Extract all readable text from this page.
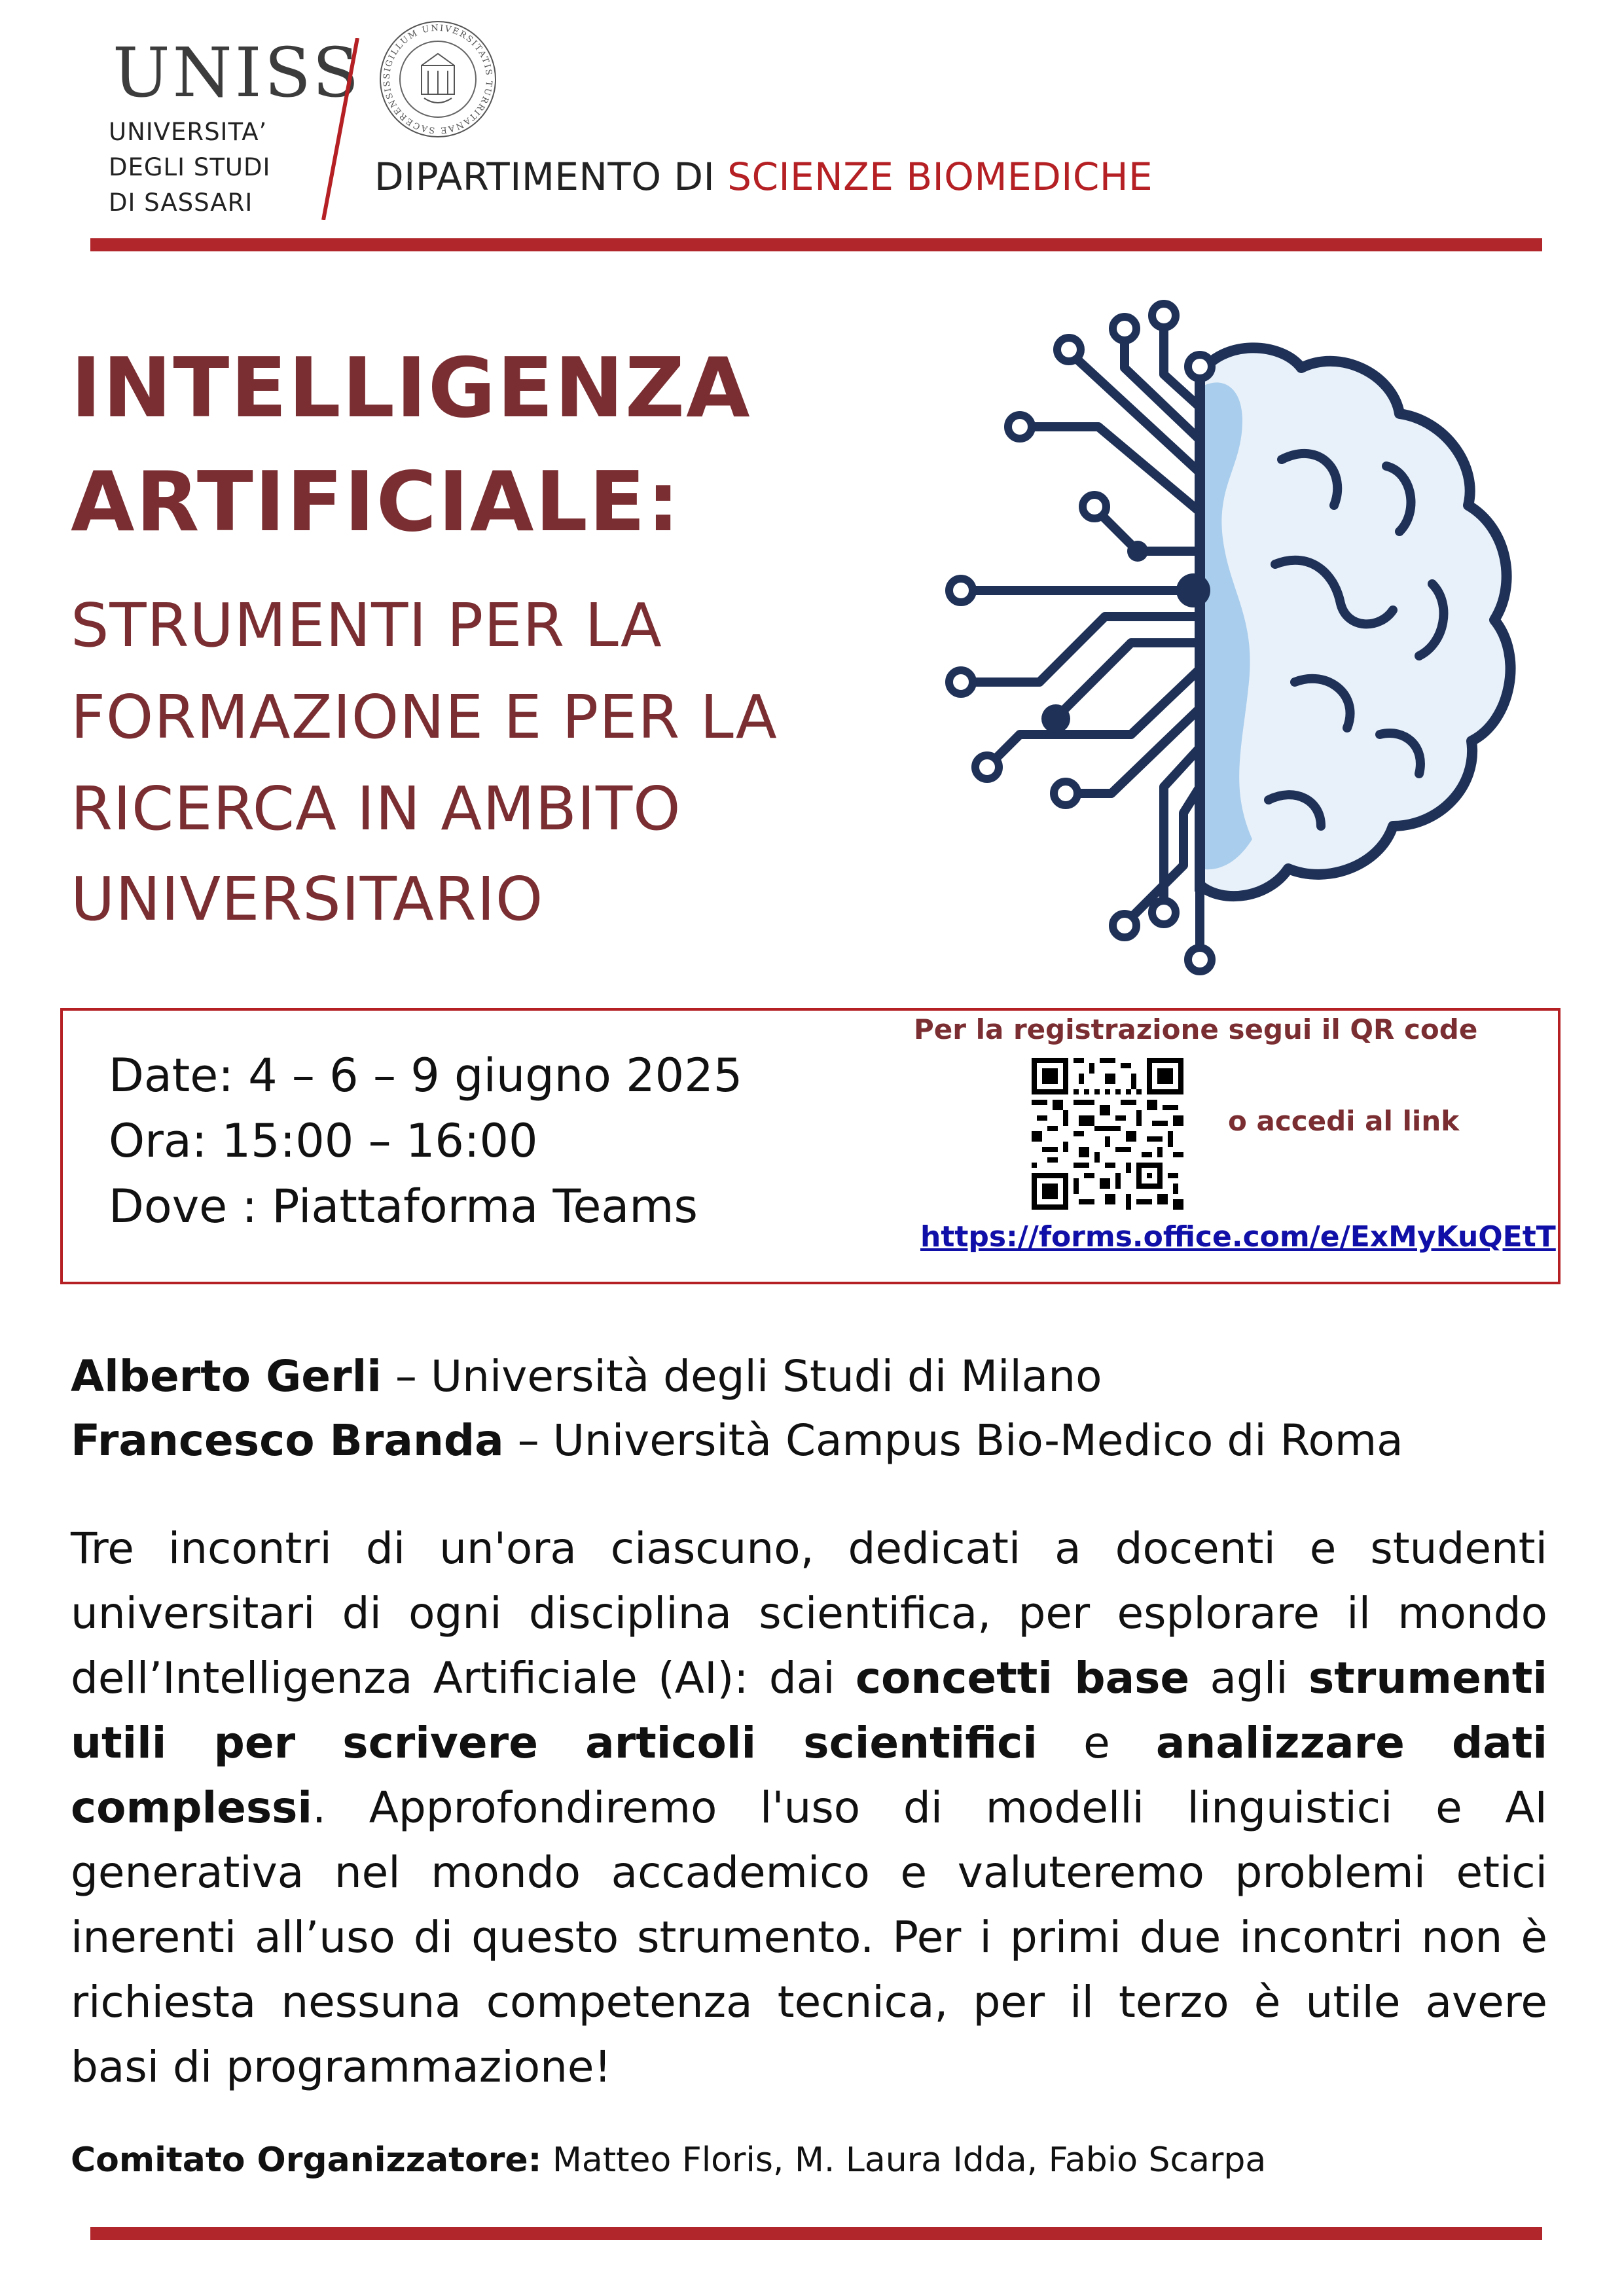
UNISS
UNIVERSITA’
DEGLI STUDI
DI SASSARI
SIGILLUM UNIVERSITATIS TURRITANAE SACERENSIS
DIPARTIMENTO DI SCIENZE BIOMEDICHE
INTELLIGENZA
ARTIFICIALE:
STRUMENTI PER LA
FORMAZIONE E PER LA
RICERCA IN AMBITO
UNIVERSITARIO
Date: 4 – 6 – 9 giugno 2025
Ora: 15:00 – 16:00
Dove : Piattaforma Teams
Per la registrazione segui il QR code
o accedi al link
https://forms.office.com/e/ExMyKuQEtT
Alberto Gerli – Università degli Studi di Milano
Francesco Branda – Università Campus Bio-Medico di Roma
Tre incontri di un'ora ciascuno, dedicati a docenti e studenti universitari di ogni disciplina scientifica, per esplorare il mondo dell’Intelligenza Artificiale (AI): dai concetti base agli strumenti utili per scrivere articoli scientifici e analizzare dati complessi. Approfondiremo l'uso di modelli linguistici e AI generativa nel mondo accademico e valuteremo problemi etici inerenti all’uso di questo strumento. Per i primi due incontri non è richiesta nessuna competenza tecnica, per il terzo è utile avere basi di programmazione!
Comitato Organizzatore: Matteo Floris, M. Laura Idda, Fabio Scarpa
